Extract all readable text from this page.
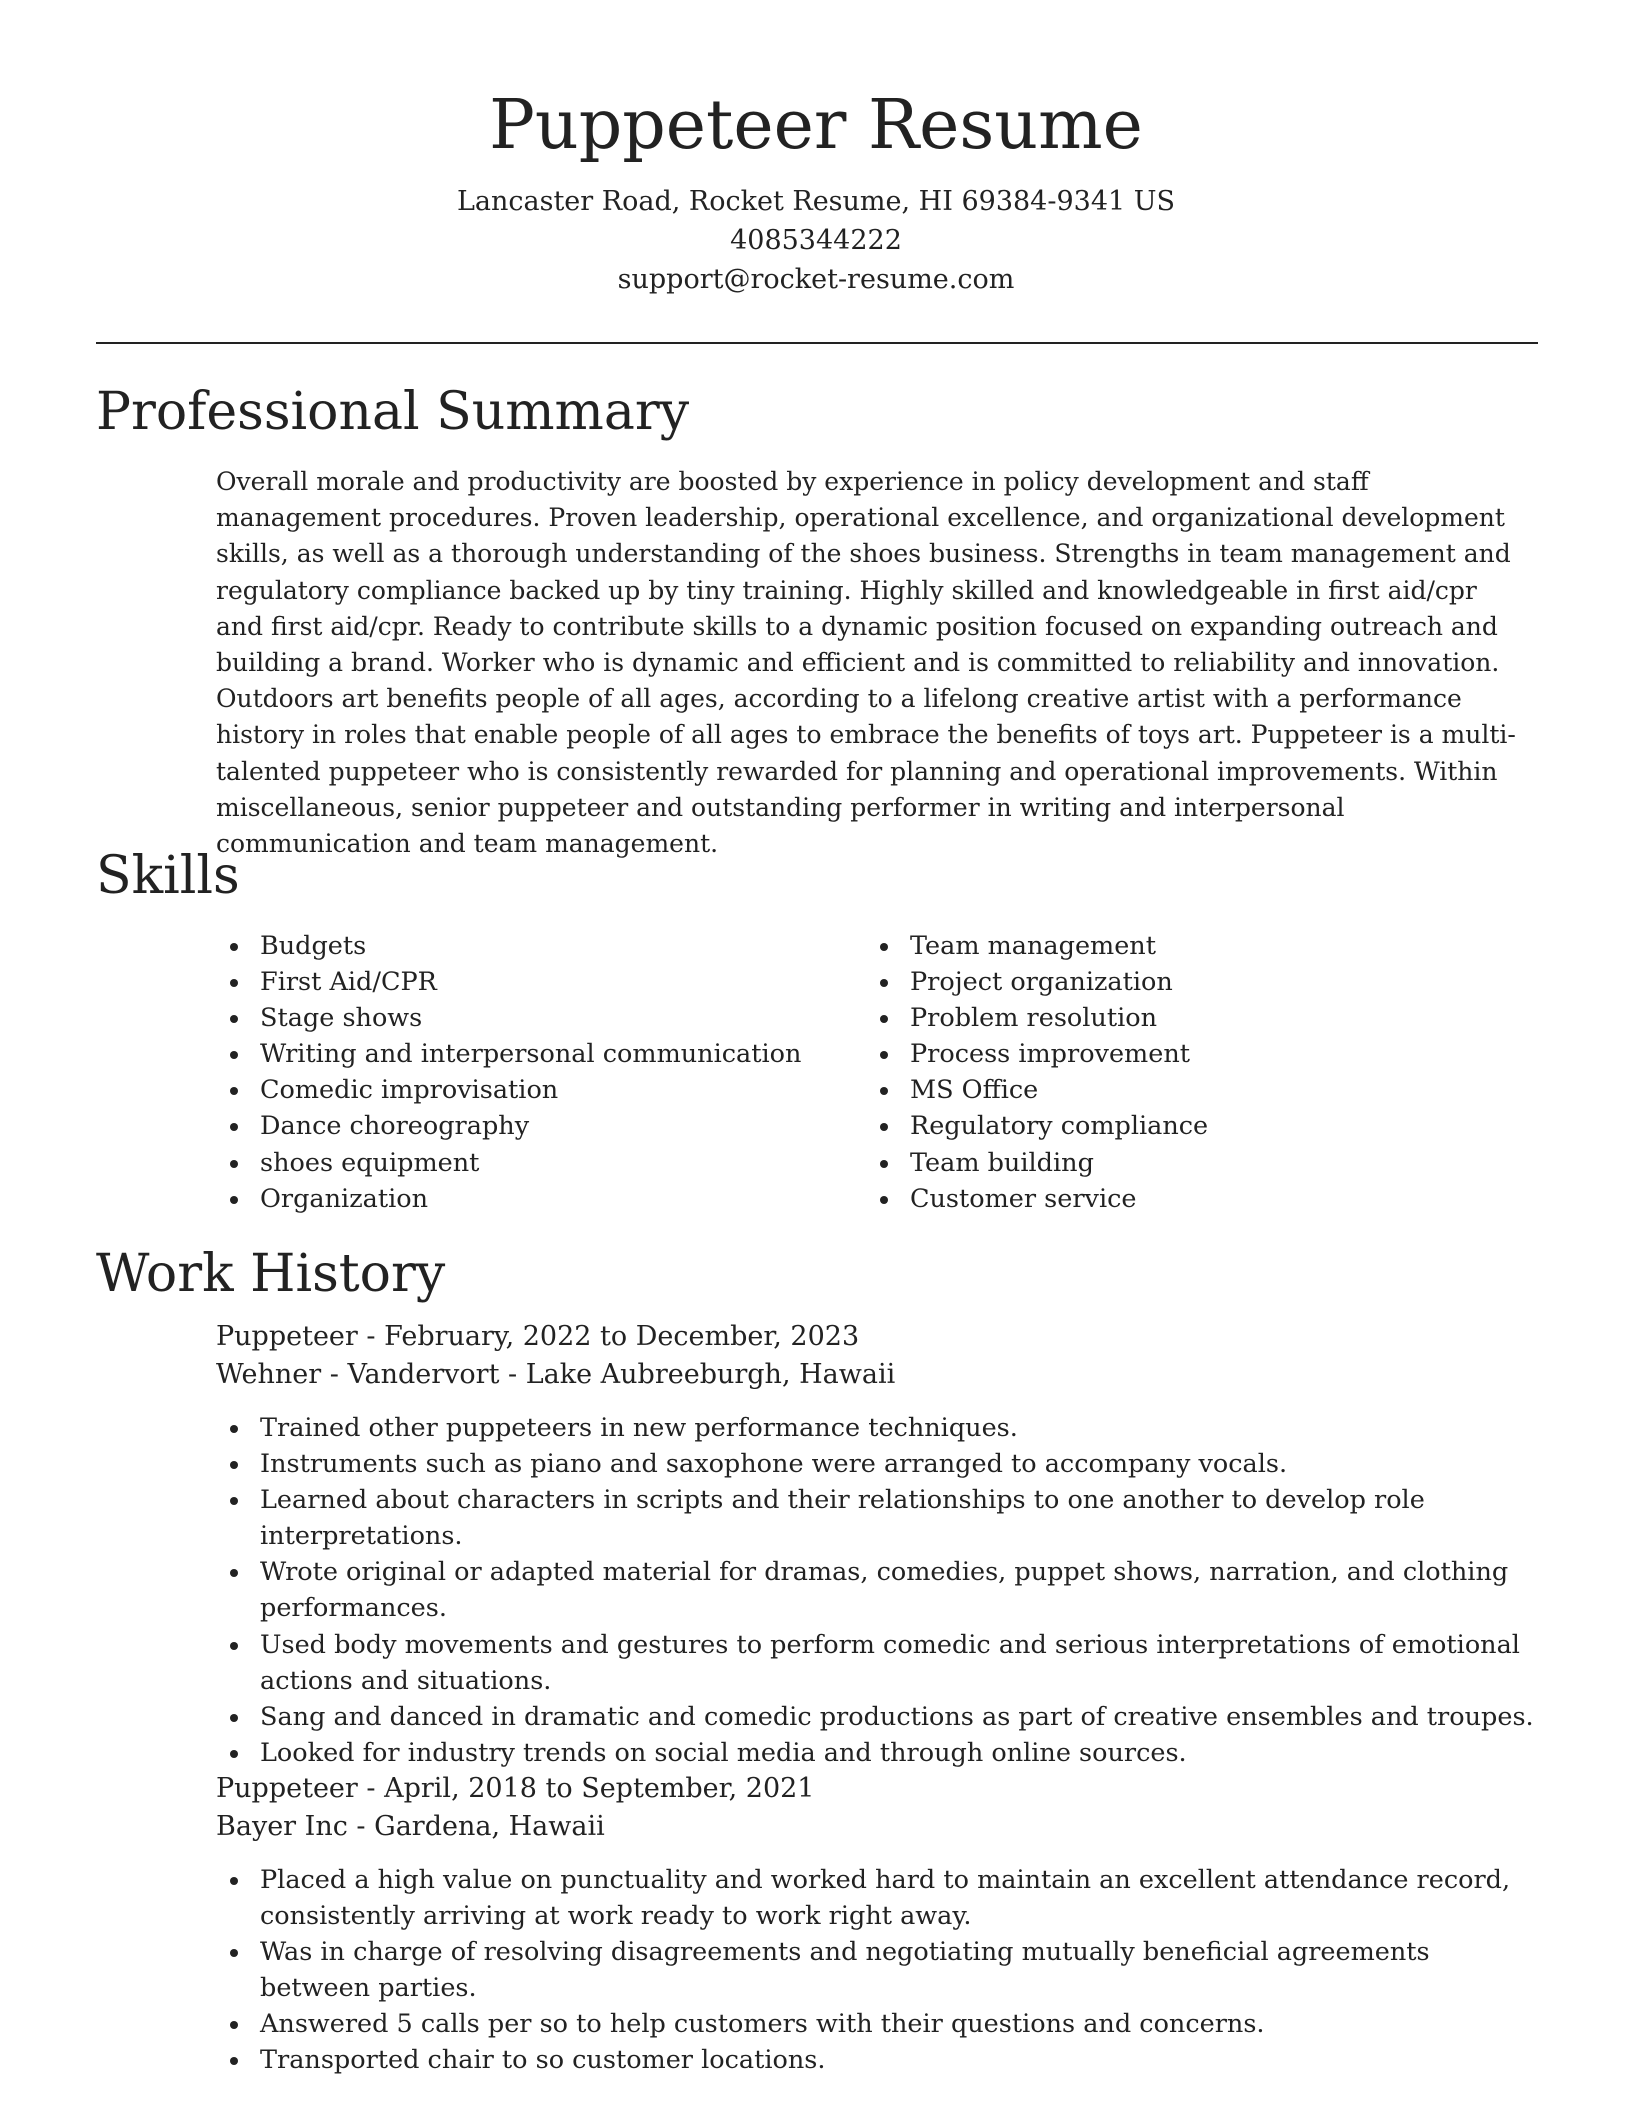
Puppeteer Resume

Lancaster Road, Rocket Resume, HI 69384-9341 US

4085344222

support@rocket-resume.com

Professional Summary

Overall morale and productivity are boosted by experience in policy development and staff management procedures. Proven leadership, operational excellence, and organizational development skills, as well as a thorough understanding of the shoes business. Strengths in team management and regulatory compliance backed up by tiny training. Highly skilled and knowledgeable in first aid/cpr and first aid/cpr. Ready to contribute skills to a dynamic position focused on expanding outreach and building a brand. Worker who is dynamic and efficient and is committed to reliability and innovation. Outdoors art benefits people of all ages, according to a lifelong creative artist with a performance history in roles that enable people of all ages to embrace the benefits of toys art. Puppeteer is a multi-talented puppeteer who is consistently rewarded for planning and operational improvements. Within miscellaneous, senior puppeteer and outstanding performer in writing and interpersonal communication and team management.

Skills
Budgets
First Aid/CPR
Stage shows
Writing and interpersonal communication
Comedic improvisation
Dance choreography
shoes equipment
Organization
Team management
Project organization
Problem resolution
Process improvement
MS Office
Regulatory compliance
Team building
Customer service
Work History

Puppeteer - February, 2022 to December, 2023

Wehner - Vandervort - Lake Aubreeburgh, Hawaii

Trained other puppeteers in new performance techniques.
Instruments such as piano and saxophone were arranged to accompany vocals.
Learned about characters in scripts and their relationships to one another to develop role interpretations.
Wrote original or adapted material for dramas, comedies, puppet shows, narration, and clothing performances.
Used body movements and gestures to perform comedic and serious interpretations of emotional actions and situations.
Sang and danced in dramatic and comedic productions as part of creative ensembles and troupes.
Looked for industry trends on social media and through online sources.

Puppeteer - April, 2018 to September, 2021

Bayer Inc - Gardena, Hawaii

Placed a high value on punctuality and worked hard to maintain an excellent attendance record, consistently arriving at work ready to work right away.
Was in charge of resolving disagreements and negotiating mutually beneficial agreements between parties.
Answered 5 calls per so to help customers with their questions and concerns.
Transported chair to so customer locations.
